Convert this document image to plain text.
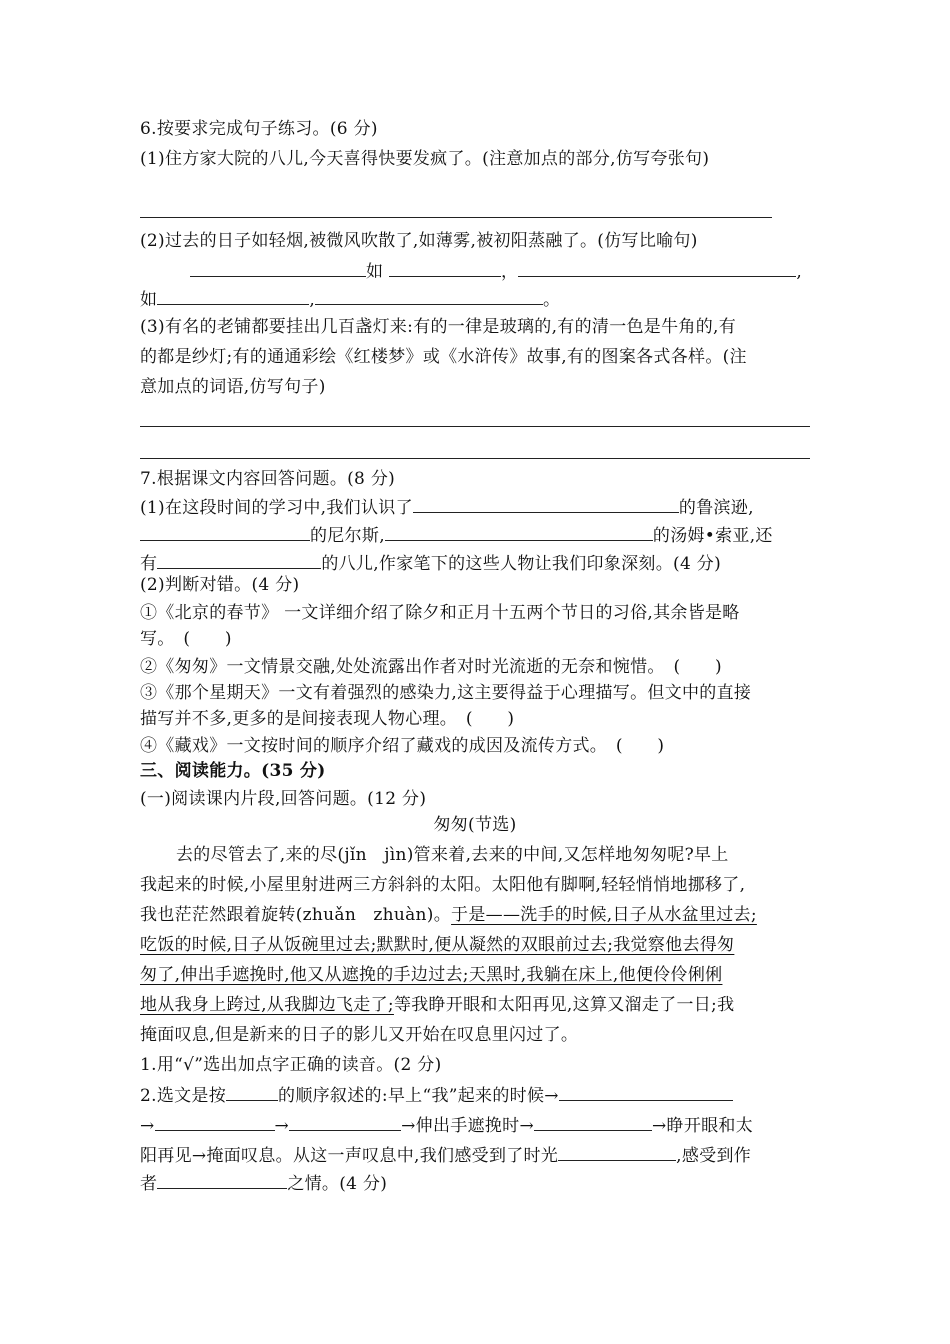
6.按要求完成句子练习。(6 分)
(1)住方家大院的八儿,今天喜得快要发疯了。(注意加点的部分,仿写夸张句)
(2)过去的日子如轻烟,被微风吹散了,如薄雾,被初阳蒸融了。(仿写比喻句)
如	，	,
如	,	。
(3)有名的老铺都要挂出几百盏灯来:有的一律是玻璃的,有的清一色是牛角的,有
的都是纱灯;有的通通彩绘《红楼梦》或《水浒传》故事,有的图案各式各样。(注
意加点的词语,仿写句子)
7.根据课文内容回答问题。(8 分)
(1)在这段时间的学习中,我们认识了	的鲁滨逊,
的尼尔斯,	的汤姆•索亚,还
有	的八儿,作家笔下的这些人物让我们印象深刻。(4 分)
(2)判断对错。(4 分)
①《北京的春节》 一文详细介绍了除夕和正月十五两个节日的习俗,其余皆是略
写。　(　　)
②《匆匆》一文情景交融,处处流露出作者对时光流逝的无奈和惋惜。　(　　)
③《那个星期天》一文有着强烈的感染力,这主要得益于心理描写。但文中的直接
描写并不多,更多的是间接表现人物心理。　(　　)
④《藏戏》一文按时间的顺序介绍了藏戏的成因及流传方式。　(　　)
三、阅读能力。(35 分)
(一)阅读课内片段,回答问题。(12 分)
匆匆(节选)
去的尽管去了,来的尽(jǐn　jìn)管来着,去来的中间,又怎样地匆匆呢?早上
我起来的时候,小屋里射进两三方斜斜的太阳。太阳他有脚啊,轻轻悄悄地挪移了,
我也茫茫然跟着旋转(zhuǎn　zhuàn)。于是——洗手的时候,日子从水盆里过去;
吃饭的时候,日子从饭碗里过去;默默时,便从凝然的双眼前过去;我觉察他去得匆
匆了,伸出手遮挽时,他又从遮挽的手边过去;天黑时,我躺在床上,他便伶伶俐俐
地从我身上跨过,从我脚边飞走了;等我睁开眼和太阳再见,这算又溜走了一日;我
掩面叹息,但是新来的日子的影儿又开始在叹息里闪过了。
1.用“√”选出加点字正确的读音。(2 分)
2.选文是按	的顺序叙述的:早上“我”起来的时候→
→	→	→伸出手遮挽时→	→睁开眼和太
阳再见→掩面叹息。从这一声叹息中,我们感受到了时光	,感受到作
者	之情。(4 分)
